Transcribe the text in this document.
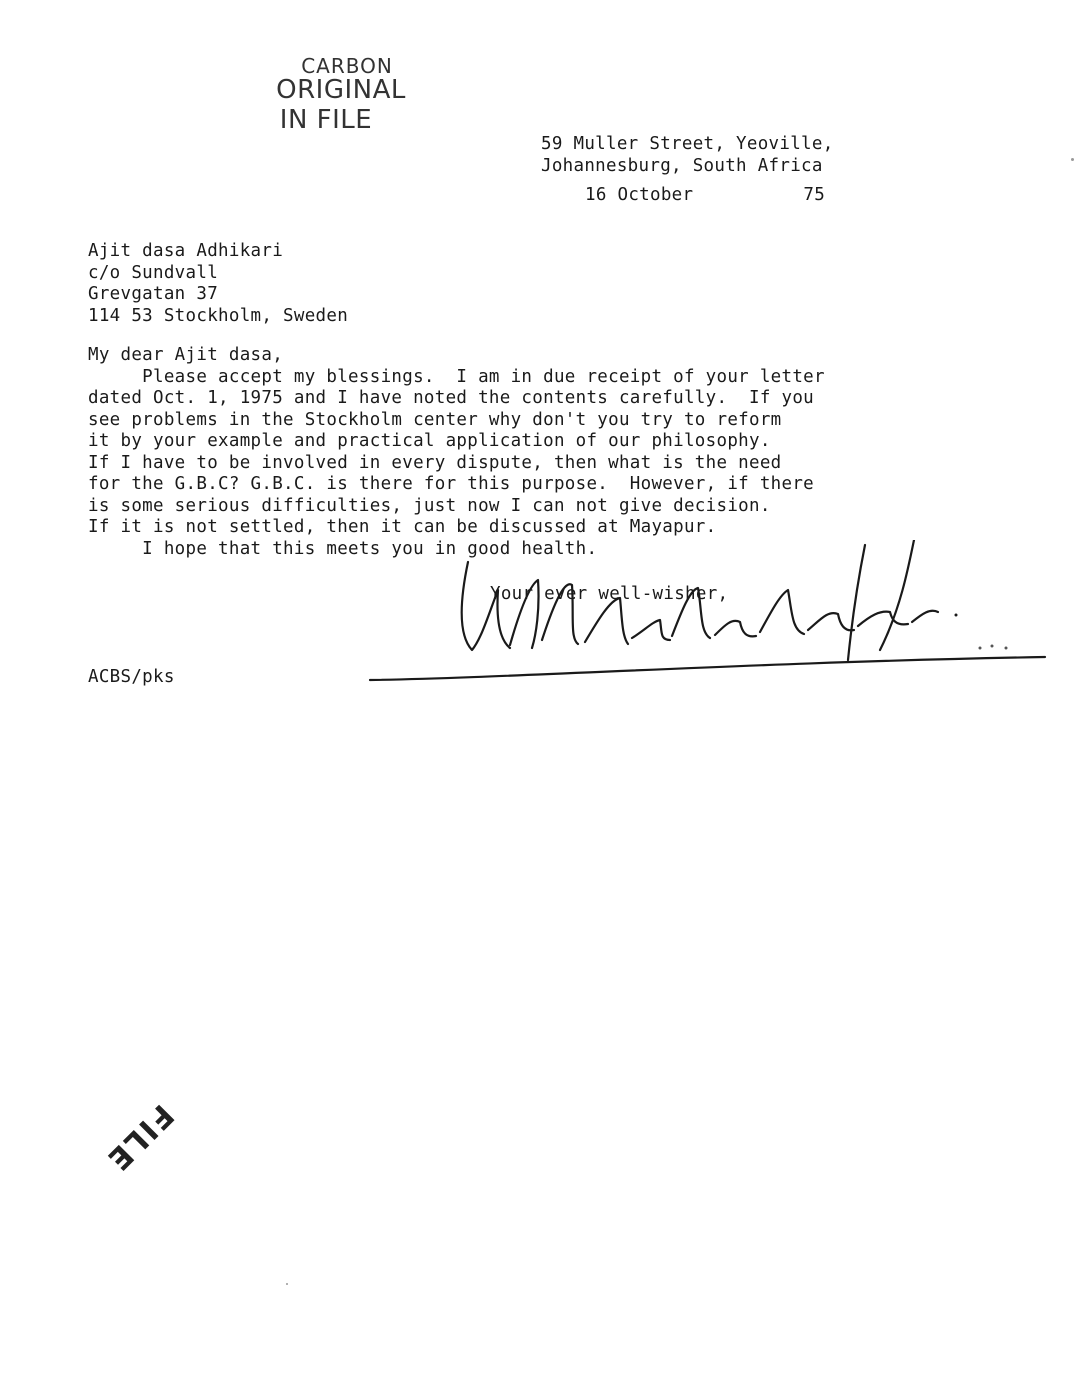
CARBON
ORIGINAL
IN FILE
59 Muller Street, Yeoville,
Johannesburg, South Africa
16 October	75
Ajit dasa Adhikari
c/o Sundvall
Grevgatan 37
114 53 Stockholm, Sweden
My dear Ajit dasa,
Please accept my blessings.  I am in due receipt of your letter
dated Oct. 1, 1975 and I have noted the contents carefully.  If you
see problems in the Stockholm center why don't you try to reform
it by your example and practical application of our philosophy.
If I have to be involved in every dispute, then what is the need
for the G.B.C? G.B.C. is there for this purpose.  However, if there
is some serious difficulties, just now I can not give decision.
If it is not settled, then it can be discussed at Mayapur.
I hope that this meets you in good health.
Your ever well-wisher,
ACBS/pks
FILE
